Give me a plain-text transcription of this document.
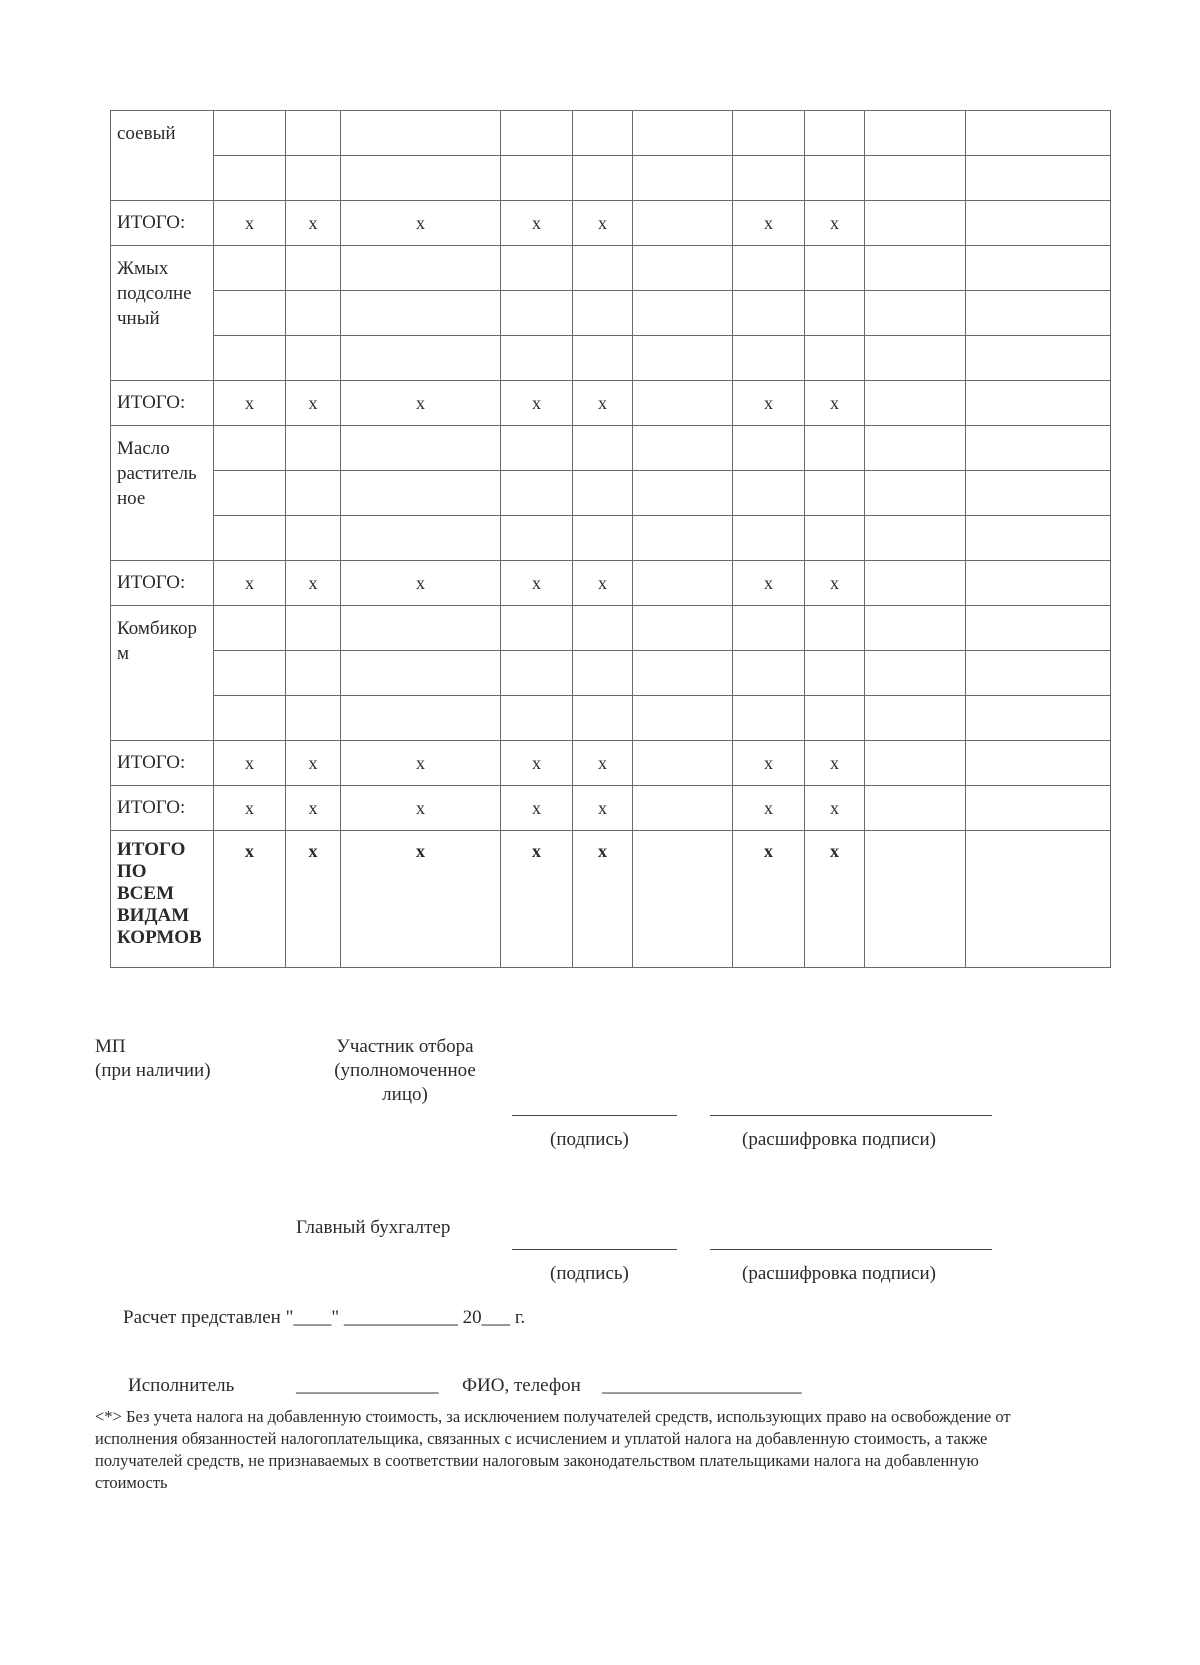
соевый										

ИТОГО:	x	x	x	x	x		x	x		

Жмых
подсолне
чный										

ИТОГО:	x	x	x	x	x		x	x		

Масло
раститель
ное										

ИТОГО:	x	x	x	x	x		x	x		

Комбикор
м										

ИТОГО:	x	x	x	x	x		x	x		
ИТОГО:	x	x	x	x	x		x	x		

ИТОГО
ПО
ВСЕМ
ВИДАМ
КОРМОВ	x	x	x	x	x		x	x		
МП
(при наличии)
Участник отбора
(уполномоченное
лицо)
(подпись)	(расшифровка подписи)
Главный бухгалтер
(подпись)	(расшифровка подписи)
Расчет представлен "____" ____________ 20___ г.
Исполнитель	_______________ ФИО, телефон _____________________
<*> Без учета налога на добавленную стоимость, за исключением получателей средств, использующих право на освобождение от исполнения обязанностей налогоплательщика, связанных с исчислением и уплатой налога на добавленную стоимость, а также получателей средств, не признаваемых в соответствии налоговым законодательством плательщиками налога на добавленную стоимость
